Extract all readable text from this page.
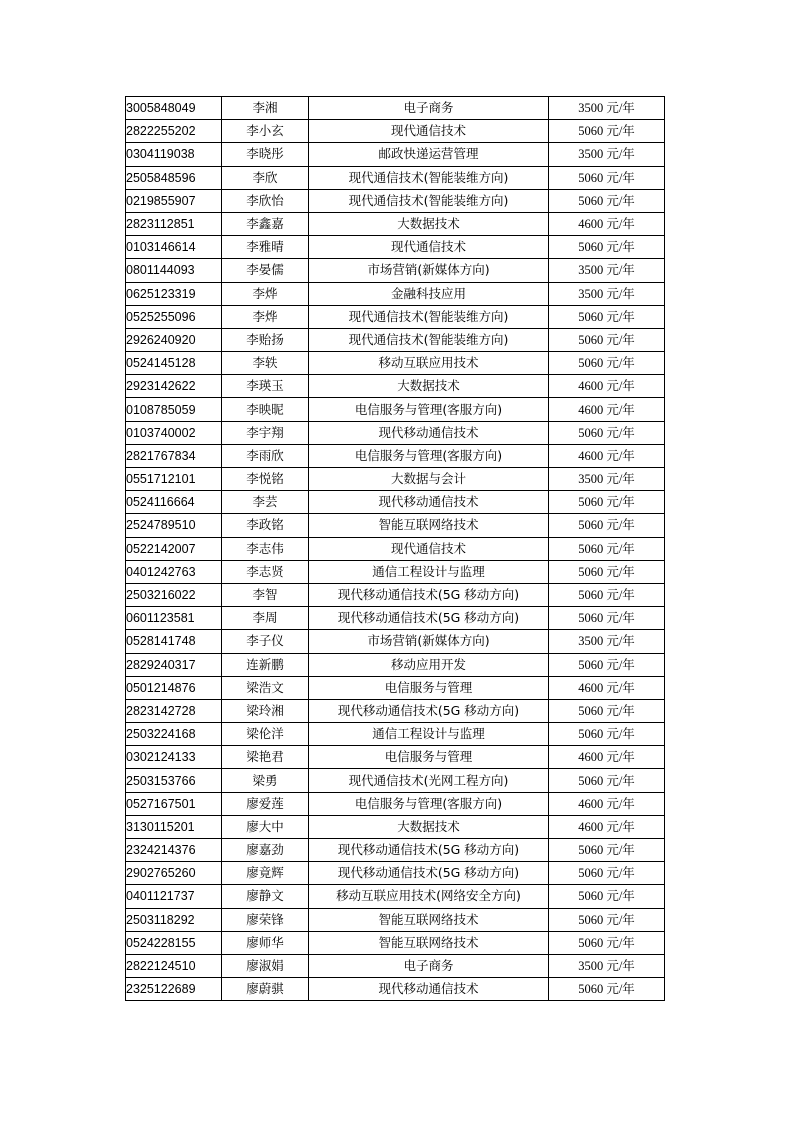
3005848049	李湘	电子商务	3500 元/年
2822255202	李小玄	现代通信技术	5060 元/年
0304119038	李晓彤	邮政快递运营管理	3500 元/年
2505848596	李欣	现代通信技术(智能装维方向)	5060 元/年
0219855907	李欣怡	现代通信技术(智能装维方向)	5060 元/年
2823112851	李鑫嘉	大数据技术	4600 元/年
0103146614	李雅晴	现代通信技术	5060 元/年
0801144093	李晏儒	市场营销(新媒体方向)	3500 元/年
0625123319	李烨	金融科技应用	3500 元/年
0525255096	李烨	现代通信技术(智能装维方向)	5060 元/年
2926240920	李贻扬	现代通信技术(智能装维方向)	5060 元/年
0524145128	李轶	移动互联应用技术	5060 元/年
2923142622	李瑛玉	大数据技术	4600 元/年
0108785059	李映昵	电信服务与管理(客服方向)	4600 元/年
0103740002	李宇翔	现代移动通信技术	5060 元/年
2821767834	李雨欣	电信服务与管理(客服方向)	4600 元/年
0551712101	李悦铭	大数据与会计	3500 元/年
0524116664	李芸	现代移动通信技术	5060 元/年
2524789510	李政铭	智能互联网络技术	5060 元/年
0522142007	李志伟	现代通信技术	5060 元/年
0401242763	李志贤	通信工程设计与监理	5060 元/年
2503216022	李智	现代移动通信技术(5G 移动方向)	5060 元/年
0601123581	李周	现代移动通信技术(5G 移动方向)	5060 元/年
0528141748	李子仪	市场营销(新媒体方向)	3500 元/年
2829240317	连新鹏	移动应用开发	5060 元/年
0501214876	梁浩文	电信服务与管理	4600 元/年
2823142728	梁玲湘	现代移动通信技术(5G 移动方向)	5060 元/年
2503224168	梁伦洋	通信工程设计与监理	5060 元/年
0302124133	梁艳君	电信服务与管理	4600 元/年
2503153766	梁勇	现代通信技术(光网工程方向)	5060 元/年
0527167501	廖爱莲	电信服务与管理(客服方向)	4600 元/年
3130115201	廖大中	大数据技术	4600 元/年
2324214376	廖嘉劲	现代移动通信技术(5G 移动方向)	5060 元/年
2902765260	廖竟辉	现代移动通信技术(5G 移动方向)	5060 元/年
0401121737	廖静文	移动互联应用技术(网络安全方向)	5060 元/年
2503118292	廖荣锋	智能互联网络技术	5060 元/年
0524228155	廖师华	智能互联网络技术	5060 元/年
2822124510	廖淑娟	电子商务	3500 元/年
2325122689	廖蔚骐	现代移动通信技术	5060 元/年
